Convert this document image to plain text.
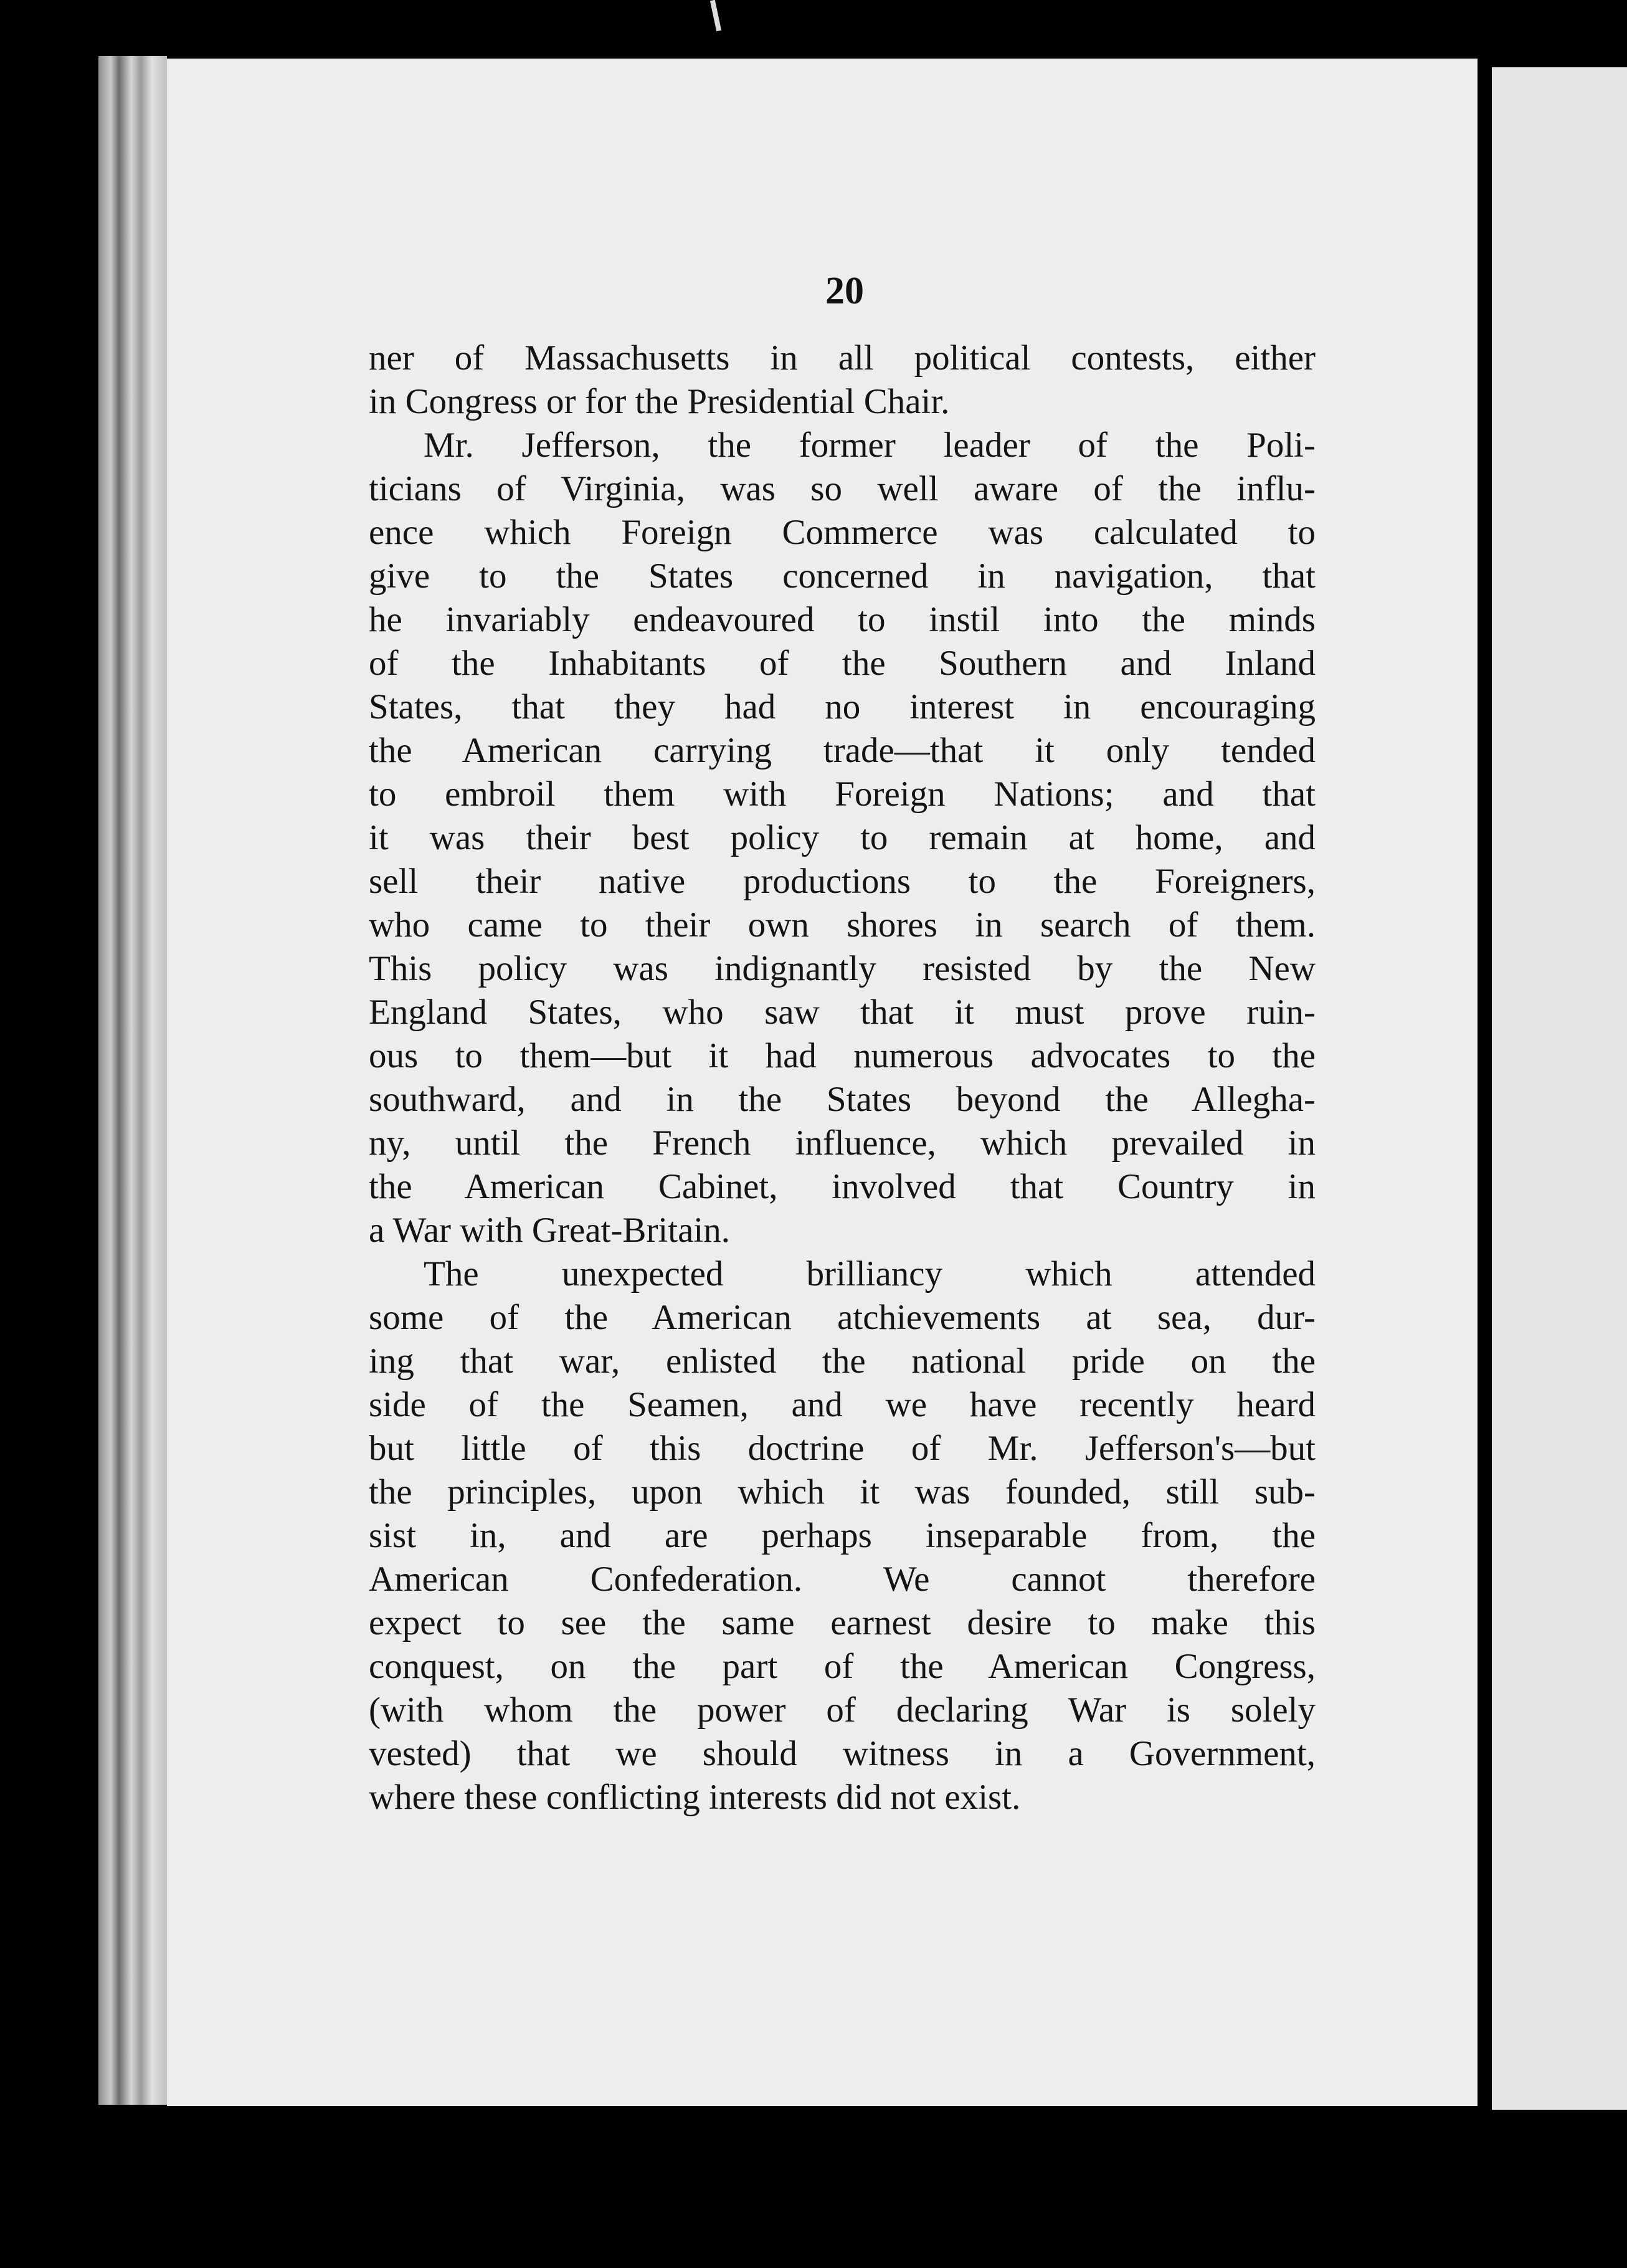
20
ner of Massachusetts in all political contests, either
in Congress or for the Presidential Chair.
Mr. Jefferson, the former leader of the Poli-
ticians of Virginia, was so well aware of the influ-
ence which Foreign Commerce was calculated to
give to the States concerned in navigation, that
he invariably endeavoured to instil into the minds
of the Inhabitants of the Southern and Inland
States, that they had no interest in encouraging
the American carrying trade—that it only tended
to embroil them with Foreign Nations; and that
it was their best policy to remain at home, and
sell their native productions to the Foreigners,
who came to their own shores in search of them.
This policy was indignantly resisted by the New
England States, who saw that it must prove ruin-
ous to them—but it had numerous advocates to the
southward, and in the States beyond the Allegha-
ny, until the French influence, which prevailed in
the American Cabinet, involved that Country in
a War with Great-Britain.
The unexpected brilliancy which attended
some of the American atchievements at sea, dur-
ing that war, enlisted the national pride on the
side of the Seamen, and we have recently heard
but little of this doctrine of Mr. Jefferson's—but
the principles, upon which it was founded, still sub-
sist in, and are perhaps inseparable from, the
American Confederation. We cannot therefore
expect to see the same earnest desire to make this
conquest, on the part of the American Congress,
(with whom the power of declaring War is solely
vested) that we should witness in a Government,
where these conflicting interests did not exist.
